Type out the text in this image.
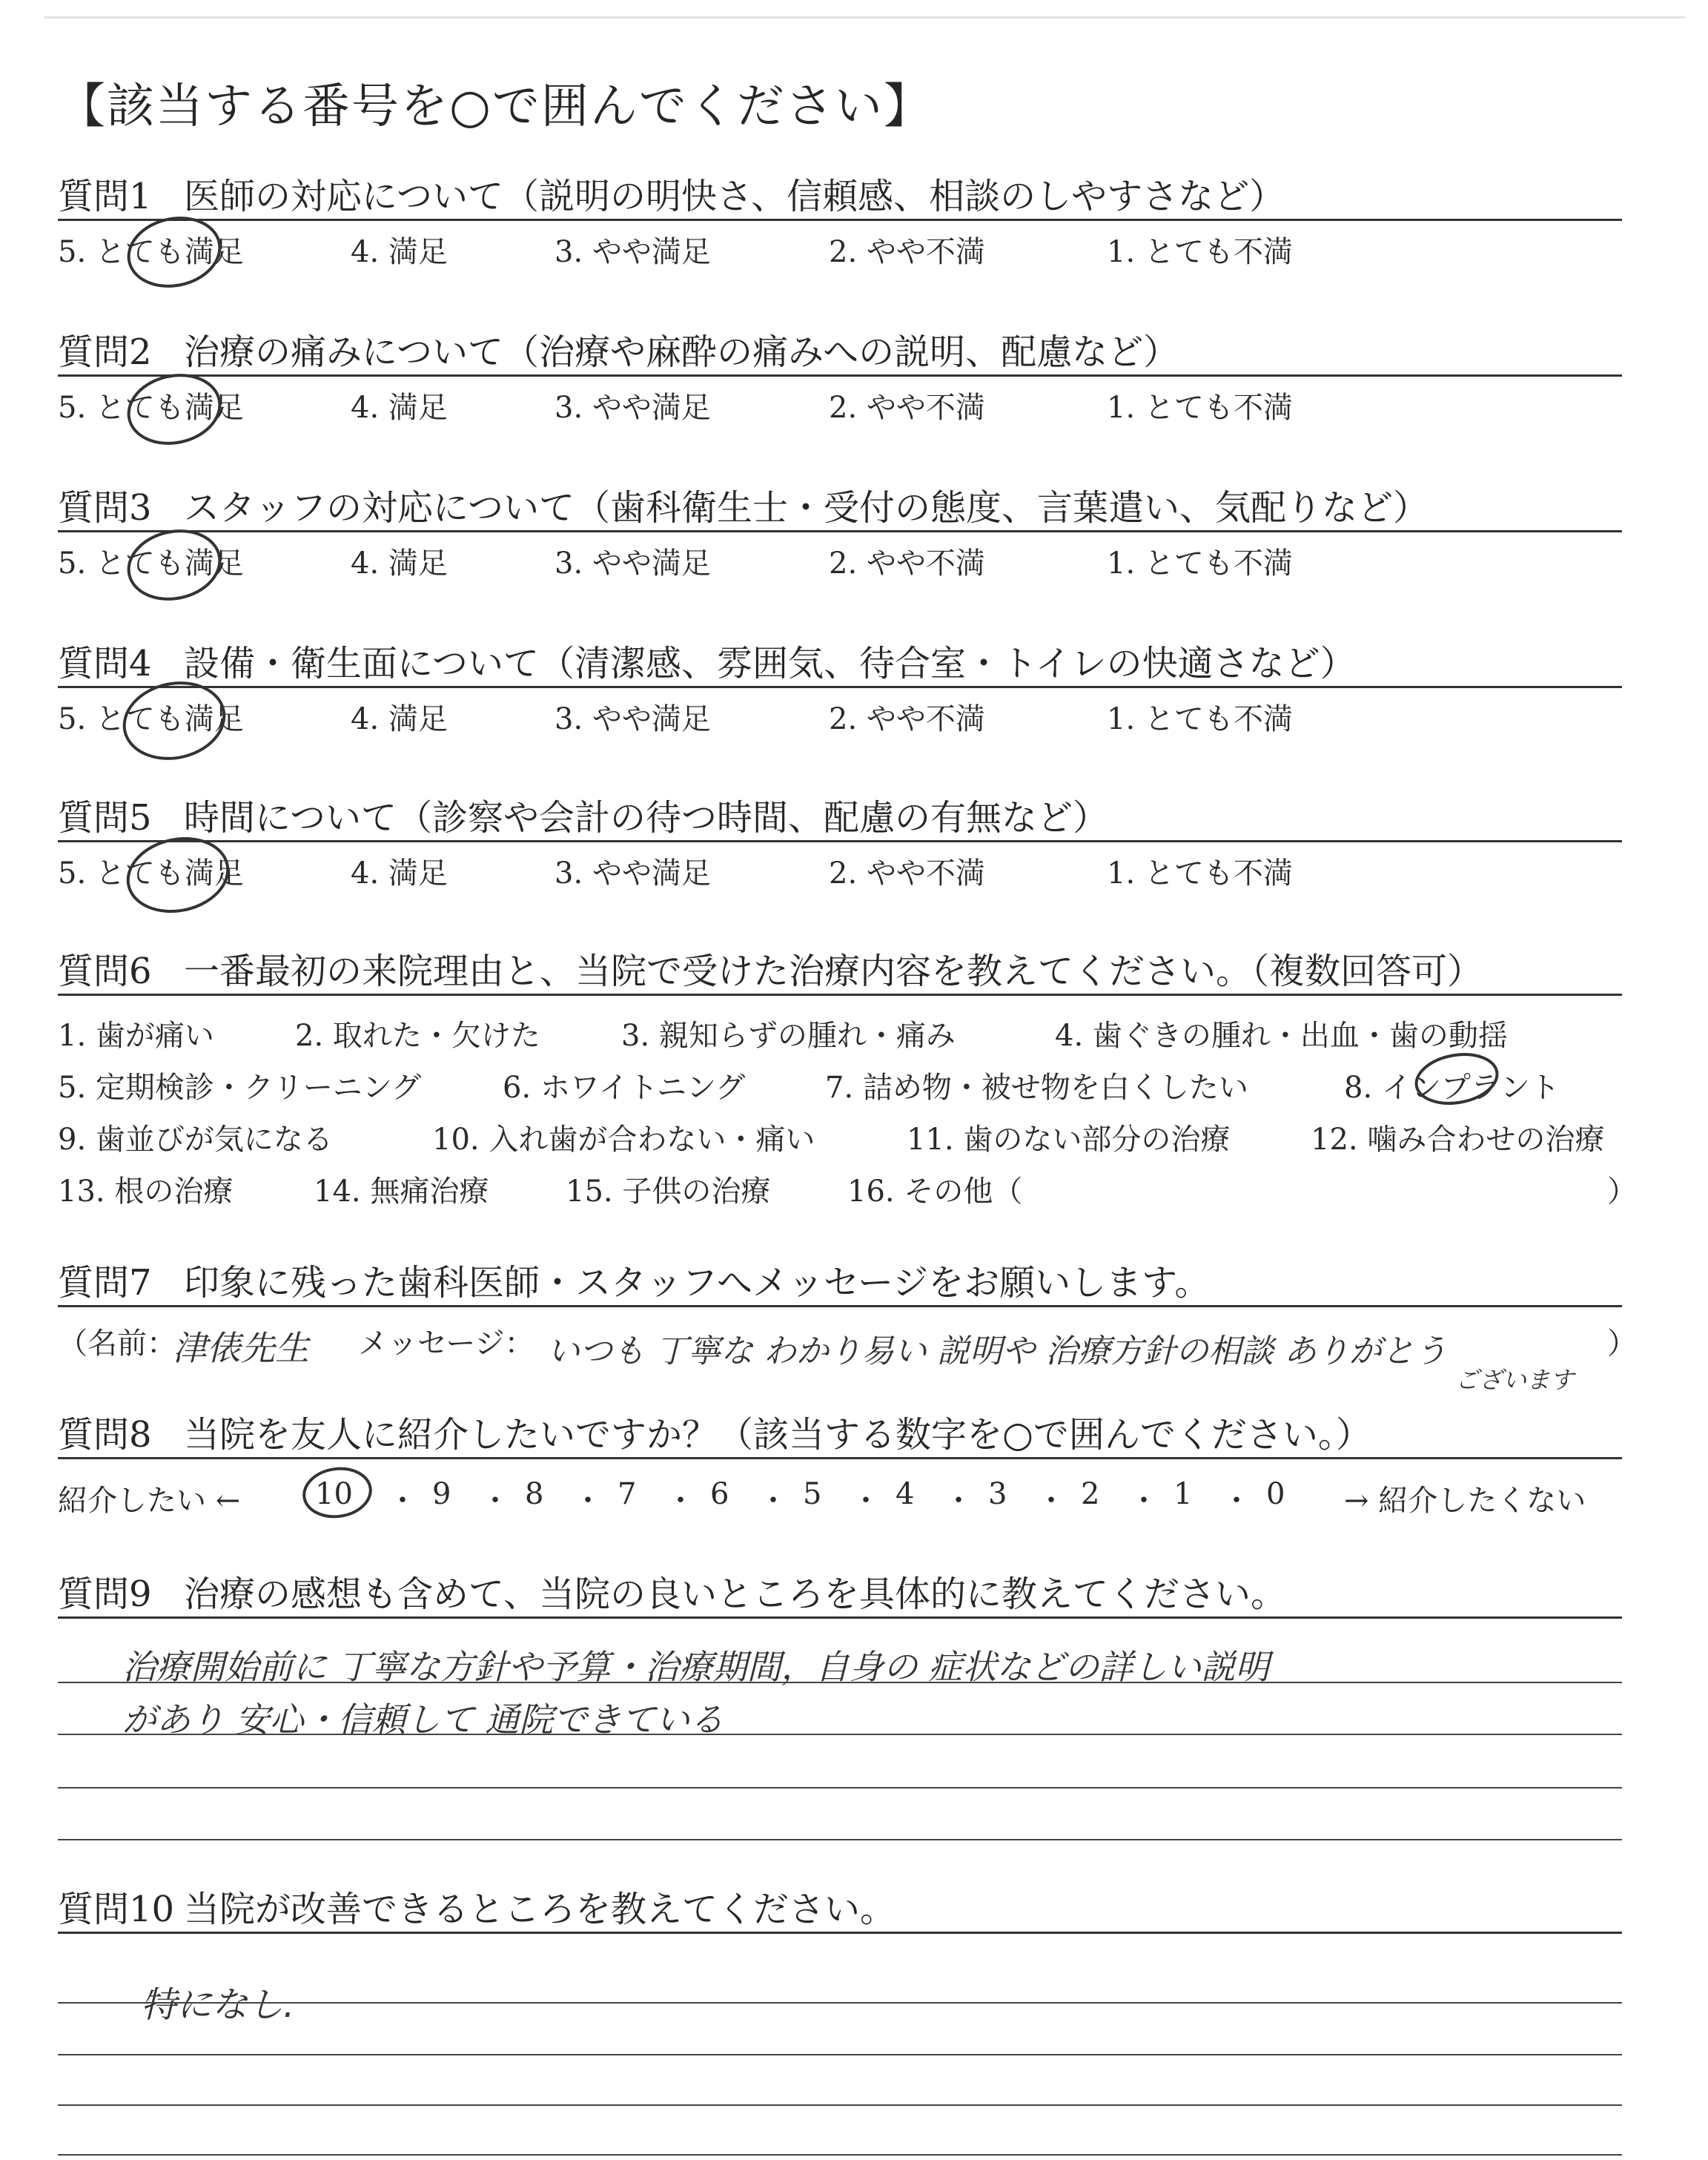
【該当する番号を○で囲んでください】
質問1 医師の対応について（説明の明快さ、信頼感、相談のしやすさなど）
5. とても満足	4. 満足	3. やや満足	2. やや不満	1. とても不満
質問2 治療の痛みについて（治療や麻酔の痛みへの説明、配慮など）
5. とても満足	4. 満足	3. やや満足	2. やや不満	1. とても不満
質問3 スタッフの対応について（歯科衛生士・受付の態度、言葉遣い、気配りなど）
5. とても満足	4. 満足	3. やや満足	2. やや不満	1. とても不満
質問4 設備・衛生面について（清潔感、雰囲気、待合室・トイレの快適さなど）
5. とても満足	4. 満足	3. やや満足	2. やや不満	1. とても不満
質問5 時間について（診察や会計の待つ時間、配慮の有無など）
5. とても満足	4. 満足	3. やや満足	2. やや不満	1. とても不満
質問6 一番最初の来院理由と、当院で受けた治療内容を教えてください。（複数回答可）
1. 歯が痛い	2. 取れた・欠けた	3. 親知らずの腫れ・痛み	4. 歯ぐきの腫れ・出血・歯の動揺
5. 定期検診・クリーニング	6. ホワイトニング	7. 詰め物・被せ物を白くしたい	8. インプラント
9. 歯並びが気になる	10. 入れ歯が合わない・痛い	11. 歯のない部分の治療	12. 噛み合わせの治療
13. 根の治療	14. 無痛治療	15. 子供の治療	16. その他（	）
質問7 印象に残った歯科医師・スタッフへメッセージをお願いします。
（名前：
津俵先生 メッセージ： いつも 丁寧な わかり易い 説明や 治療方針の相談 ありがとう
ございます
）
質問8 当院を友人に紹介したいですか？（該当する数字を○で囲んでください。）
紹介したい ←	10 ・ 9 ・ 8 ・ 7 ・ 6 ・ 5 ・ 4 ・ 3 ・ 2 ・ 1 ・ 0 → 紹介したくない
質問9 治療の感想も含めて、当院の良いところを具体的に教えてください。
治療開始前に 丁寧な方針や予算・治療期間，自身の 症状などの詳しい説明
があり 安心・信頼して 通院できている
質問10 当院が改善できるところを教えてください。
特になし.
